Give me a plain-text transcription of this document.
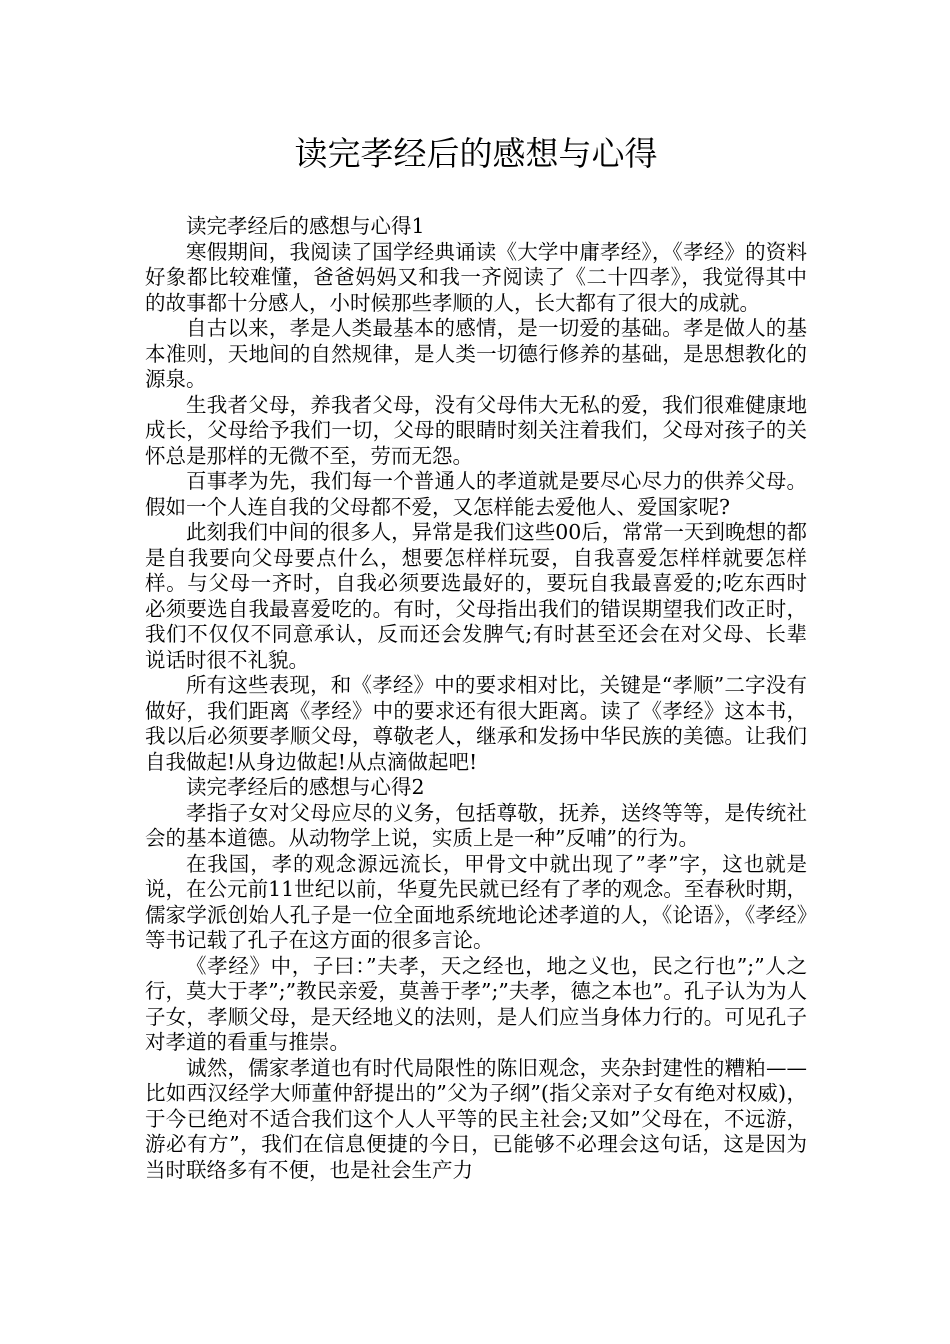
读完孝经后的感想与心得

读完孝经后的感想与心得1

寒假期间，我阅读了国学经典诵读《大学中庸孝经》，《孝经》的资料好象都比较难懂，爸爸妈妈又和我一齐阅读了《二十四孝》，我觉得其中的故事都十分感人，小时候那些孝顺的人，长大都有了很大的成就。

自古以来，孝是人类最基本的感情，是一切爱的基础。孝是做人的基本准则，天地间的自然规律，是人类一切德行修养的基础，是思想教化的源泉。

生我者父母，养我者父母，没有父母伟大无私的爱，我们很难健康地成长，父母给予我们一切，父母的眼睛时刻关注着我们，父母对孩子的关怀总是那样的无微不至，劳而无怨。

百事孝为先，我们每一个普通人的孝道就是要尽心尽力的供养父母。假如一个人连自我的父母都不爱，又怎样能去爱他人、爱国家呢?

此刻我们中间的很多人，异常是我们这些00后，常常一天到晚想的都是自我要向父母要点什么，想要怎样样玩耍，自我喜爱怎样样就要怎样样。与父母一齐时，自我必须要选最好的，要玩自我最喜爱的;吃东西时必须要选自我最喜爱吃的。有时，父母指出我们的错误期望我们改正时，我们不仅仅不同意承认，反而还会发脾气;有时甚至还会在对父母、长辈说话时很不礼貌。

所有这些表现，和《孝经》中的要求相对比，关键是“孝顺”二字没有做好，我们距离《孝经》中的要求还有很大距离。读了《孝经》这本书，我以后必须要孝顺父母，尊敬老人，继承和发扬中华民族的美德。让我们自我做起!从身边做起!从点滴做起吧!

读完孝经后的感想与心得2

孝指子女对父母应尽的义务，包括尊敬，抚养，送终等等，是传统社会的基本道德。从动物学上说，实质上是一种”反哺”的行为。

在我国，孝的观念源远流长，甲骨文中就出现了”孝”字，这也就是说，在公元前11世纪以前，华夏先民就已经有了孝的观念。至春秋时期，儒家学派创始人孔子是一位全面地系统地论述孝道的人，《论语》，《孝经》等书记载了孔子在这方面的很多言论。

《孝经》中，子曰：”夫孝，天之经也，地之义也，民之行也”;”人之行，莫大于孝”;”教民亲爱，莫善于孝”;”夫孝，德之本也”。孔子认为为人子女，孝顺父母，是天经地义的法则，是人们应当身体力行的。可见孔子对孝道的看重与推崇。

诚然，儒家孝道也有时代局限性的陈旧观念，夹杂封建性的糟粕——比如西汉经学大师董仲舒提出的”父为子纲”(指父亲对子女有绝对权威)，于今已绝对不适合我们这个人人平等的民主社会;又如”父母在，不远游，游必有方”，我们在信息便捷的今日，已能够不必理会这句话，这是因为当时联络多有不便，也是社会生产力
